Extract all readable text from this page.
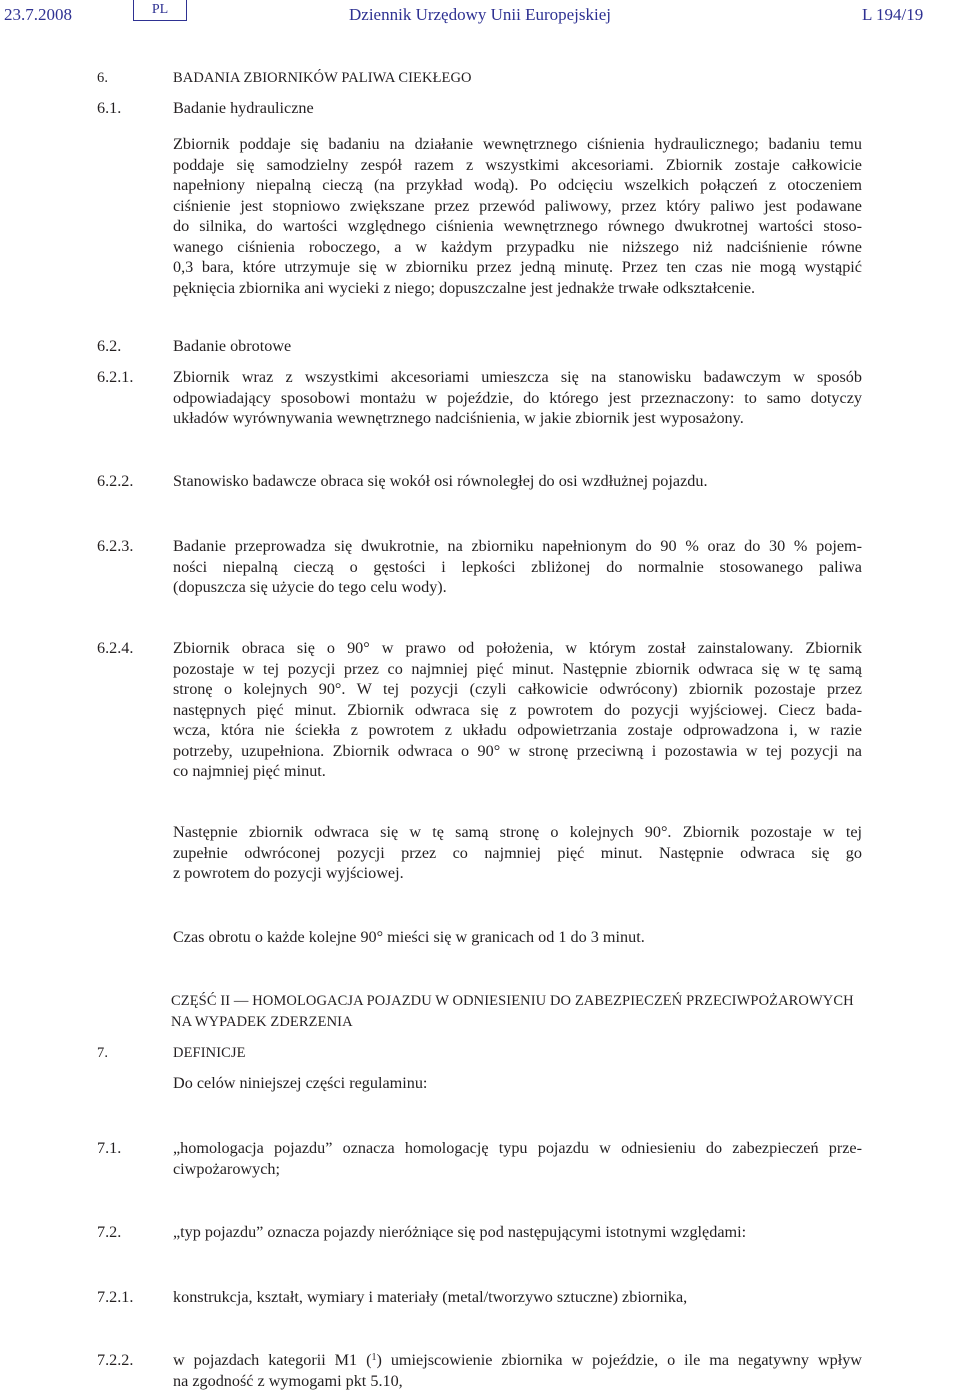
23.7.2008	PL	Dziennik Urzędowy Unii Europejskiej	L 194/19
6.	BADANIA ZBIORNIKÓW PALIWA CIEKŁEGO
6.1.	Badanie hydrauliczne
Zbiornik poddaje się badaniu na działanie wewnętrznego ciśnienia hydraulicznego; badaniu temu
poddaje się samodzielny zespół razem z wszystkimi akcesoriami. Zbiornik zostaje całkowicie
napełniony niepalną cieczą (na przykład wodą). Po odcięciu wszelkich połączeń z otoczeniem
ciśnienie jest stopniowo zwiększane przez przewód paliwowy, przez który paliwo jest podawane
do silnika, do wartości względnego ciśnienia wewnętrznego równego dwukrotnej wartości stoso-
wanego ciśnienia roboczego, a w każdym przypadku nie niższego niż nadciśnienie równe
0,3 bara, które utrzymuje się w zbiorniku przez jedną minutę. Przez ten czas nie mogą wystąpić
pęknięcia zbiornika ani wycieki z niego; dopuszczalne jest jednakże trwałe odkształcenie.
6.2.	Badanie obrotowe
6.2.1. Zbiornik wraz z wszystkimi akcesoriami umieszcza się na stanowisku badawczym w sposób
odpowiadający sposobowi montażu w pojeździe, do którego jest przeznaczony: to samo dotyczy
układów wyrównywania wewnętrznego nadciśnienia, w jakie zbiornik jest wyposażony.
6.2.2. Stanowisko badawcze obraca się wokół osi równoległej do osi wzdłużnej pojazdu.
6.2.3. Badanie przeprowadza się dwukrotnie, na zbiorniku napełnionym do 90 % oraz do 30 % pojem-
ności niepalną cieczą o gęstości i lepkości zbliżonej do normalnie stosowanego paliwa
(dopuszcza się użycie do tego celu wody).
6.2.4. Zbiornik obraca się o 90° w prawo od położenia, w którym został zainstalowany. Zbiornik
pozostaje w tej pozycji przez co najmniej pięć minut. Następnie zbiornik odwraca się w tę samą
stronę o kolejnych 90°. W tej pozycji (czyli całkowicie odwrócony) zbiornik pozostaje przez
następnych pięć minut. Zbiornik odwraca się z powrotem do pozycji wyjściowej. Ciecz bada-
wcza, która nie ściekła z powrotem z układu odpowietrzania zostaje odprowadzona i, w razie
potrzeby, uzupełniona. Zbiornik odwraca o 90° w stronę przeciwną i pozostawia w tej pozycji na
co najmniej pięć minut.
Następnie zbiornik odwraca się w tę samą stronę o kolejnych 90°. Zbiornik pozostaje w tej
zupełnie odwróconej pozycji przez co najmniej pięć minut. Następnie odwraca się go
z powrotem do pozycji wyjściowej.
Czas obrotu o każde kolejne 90° mieści się w granicach od 1 do 3 minut.
CZĘŚĆ II — HOMOLOGACJA POJAZDU W ODNIESIENIU DO ZABEZPIECZEŃ PRZECIWPOŻAROWYCH
NA WYPADEK ZDERZENIA
7.	DEFINICJE
Do celów niniejszej części regulaminu:
7.1.	„homologacja pojazdu” oznacza homologację typu pojazdu w odniesieniu do zabezpieczeń prze-
ciwpożarowych;
7.2.	„typ pojazdu” oznacza pojazdy nieróżniące się pod następującymi istotnymi względami:
7.2.1. konstrukcja, kształt, wymiary i materiały (metal/tworzywo sztuczne) zbiornika,
7.2.2. w pojazdach kategorii M1 ($^1$) umiejscowienie zbiornika w pojeździe, o ile ma negatywny wpływ
na zgodność z wymogami pkt 5.10,
